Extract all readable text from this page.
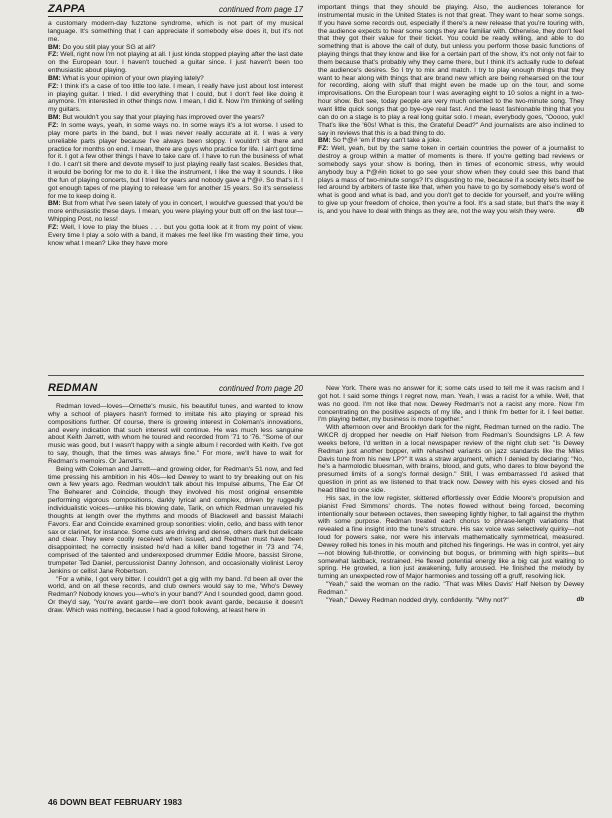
ZAPPA	continued from page 17

a customary modern-day fuzztone syndrome, which is not part of my musical language. It's something that I can appreciate if somebody else does it, but it's not me.

BM: Do you still play your SG at all?

FZ: Well, right now I'm not playing at all. I just kinda stopped playing after the last date on the European tour. I haven't touched a guitar since. I just haven't been too enthusiastic about playing.

BM: What is your opinion of your own playing lately?

FZ: I think it's a case of too little too late. I mean, I really have just about lost interest in playing guitar. I tried. I did everything that I could, but I don't feel like doing it anymore. I'm interested in other things now. I mean, I did it. Now I'm thinking of selling my guitars.

BM: But wouldn't you say that your playing has improved over the years?

FZ: In some ways, yeah, in some ways no. In some ways it's a lot worse. I used to play more parts in the band, but I was never really accurate at it. I was a very unreliable parts player because I've always been sloppy. I wouldn't sit there and practice for months on end. I mean, there are guys who practice for life. I ain't got time for it. I got a few other things I have to take care of. I have to run the business of what I do. I can't sit there and devote myself to just playing really fast scales. Besides that, it would be boring for me to do it. I like the instrument, I like the way it sounds. I like the fun of playing concerts, but I tried for years and nobody gave a f*@#. So that's it. I got enough tapes of me playing to release 'em for another 15 years. So it's senseless for me to keep doing it.

BM: But from what I've seen lately of you in concert, I would've guessed that you'd be more enthusiastic these days. I mean, you were playing your butt off on the last tour—Whipping Post, no less!

FZ: Well, I love to play the blues . . . but you gotta look at it from my point of view. Every time I play a solo with a band, it makes me feel like I'm wasting their time, you know what I mean? Like they have more

important things that they should be playing. Also, the audiences tolerance for instrumental music in the United States is not that great. They want to hear some songs. If you have some records out, especially if there's a new release that you're touring with, the audience expects to hear some songs they are familiar with. Otherwise, they don't feel that they got their value for their ticket. You could be ready willing, and able to do something that is above the call of duty, but unless you perform those basic functions of playing things that they know and like for a certain part of the show, it's not only not fair to them because that's probably why they came there, but I think it's actually rude to defeat the audience's desires. So I try to mix and match. I try to play enough things that they want to hear along with things that are brand new which are being rehearsed on the tour for recording, along with stuff that might even be made up on the tour, and some improvisations. On the European tour I was averaging eight to 10 solos a night in a two-hour show. But see, today people are very much oriented to the two-minute song. They want little quick songs that go bye-oye real fast. And the least fashionable thing that you can do on a stage is to play a real long guitar solo. I mean, everybody goes, "Ooooo, yuk! That's like the '60s! What is this, the Grateful Dead?" And journalists are also inclined to say in reviews that this is a bad thing to do.

BM: So f*@# 'em if they can't take a joke.

FZ: Well, yeah, but by the same token in certain countries the power of a journalist to destroy a group within a matter of moments is there. If you're getting bad reviews or somebody says your show is boring, then in times of economic stress, why would anybody buy a f*@#in ticket to go see your show when they could see this band that plays a mass of two-minute songs? It's disgusting to me, because if a society lets itself be led around by arbiters of taste like that, when you have to go by somebody else's word of what is good and what is bad, and you don't get to decide for yourself, and you're willing to give up your freedom of choice, then you're a fool. It's a sad state, but that's the way it is, and you have to deal with things as they are, not the way you wish they were.	db

REDMAN	continued from page 20

Redman loved—loves—Ornette's music, his beautiful tunes, and wanted to know why a school of players hasn't formed to imitate his alto playing or spread his compositions further. Of course, there is growing interest in Coleman's innovations, and every indication that such interest will continue. He was much less sanguine about Keith Jarrett, with whom he toured and recorded from '71 to '76. "Some of our music was good, but I wasn't happy with a single album I recorded with Keith. I've got to say, though, that the times was always fine." For more, we'll have to wait for Redman's memoirs. Or Jarrett's.

Being with Coleman and Jarrett—and growing older, for Redman's 51 now, and fed time pressing his ambition in his 40s—led Dewey to want to try breaking out on his own a few years ago. Redman wouldn't talk about his Impulse albums, The Ear Of The Behearer and Coincide, though they involved his most original ensemble performing vigorous compositions, darkly lyrical and complex, driven by ruggedly individualistic voices—unlike his blowing date, Tarik, on which Redman unraveled his thoughts at length over the rhythms and moods of Blackwell and bassist Malachi Favors. Ear and Coincide examined group sonorities: violin, cello, and bass with tenor sax or clarinet, for instance. Some cuts are driving and dense, others dark but delicate and clear. They were coolly received when issued, and Redman must have been disappointed; he correctly insisted he'd had a killer band together in '73 and '74, comprised of the talented and underexposed drummer Eddie Moore, bassist Sirone, trumpeter Ted Daniel, percussionist Danny Johnson, and occasionally violinist Leroy Jenkins or cellist Jane Robertson.

"For a while, I got very bitter. I couldn't get a gig with my band. I'd been all over the world, and on all these records, and club owners would say to me, 'Who's Dewey Redman? Nobody knows you—who's in your band?' And I sounded good, damn good. Or they'd say, 'You're avant garde—we don't book avant garde, because it doesn't draw. Which was nothing, because I had a good following, at least here in

New York. There was no answer for it; some cats used to tell me it was racism and I got hot. I said some things I regret now, man. Yeah, I was a racist for a while. Well, that was no good. I'm not like that now. Dewey Redman's not a racist any more. Now I'm concentrating on the positive aspects of my life, and I think I'm better for it. I feel better. I'm playing better, my business is more together."

With afternoon over and Brooklyn dark for the night, Redman turned on the radio. The WKCR dj dropped her needle on Half Nelson from Redman's Soundsigns LP. A few weeks before, I'd written in a local newspaper review of the night club set: "Is Dewey Redman just another bopper, with rehashed variants on jazz standards like the Miles Davis tune from his new LP?" It was a straw argument, which I denied by declaring: "No, he's a harmolodic bluesman, with brains, blood, and guts, who dares to blow beyond the presumed limits of a song's formal design." Still, I was embarrassed I'd asked that question in print as we listened to that track now. Dewey with his eyes closed and his head tilted to one side.

His sax, in the low register, skittered effortlessly over Eddie Moore's propulsion and pianist Fred Simmons' chords. The notes flowed without being forced, becoming intentionally sour between octaves, then sweeping lightly higher, to fall against the rhythm with some purpose. Redman treated each chorus to phrase-length variations that revealed a fine insight into the tune's structure. His sax voice was selectively quirky—not loud for powers sake, nor were his intervals mathematically symmetrical, measured. Dewey rolled his tones in his mouth and pitched his fingerings. He was in control, yet airy—not blowing full-throttle, or convincing but bogus, or brimming with high spirits—but somewhat laidback, restrained. He flexed potential energy like a big cat just waiting to spring. He growled, a lion just awakening, fully aroused. He finished the melody by turning an unexpected row of Major harmonies and tossing off a gruff, resolving lick.

"Yeah," said the woman on the radio. "That was Miles Davis' Half Nelson by Dewey Redman."

"Yeah," Dewey Redman nodded dryly, confidently. "Why not?"	db

46 DOWN BEAT FEBRUARY 1983
